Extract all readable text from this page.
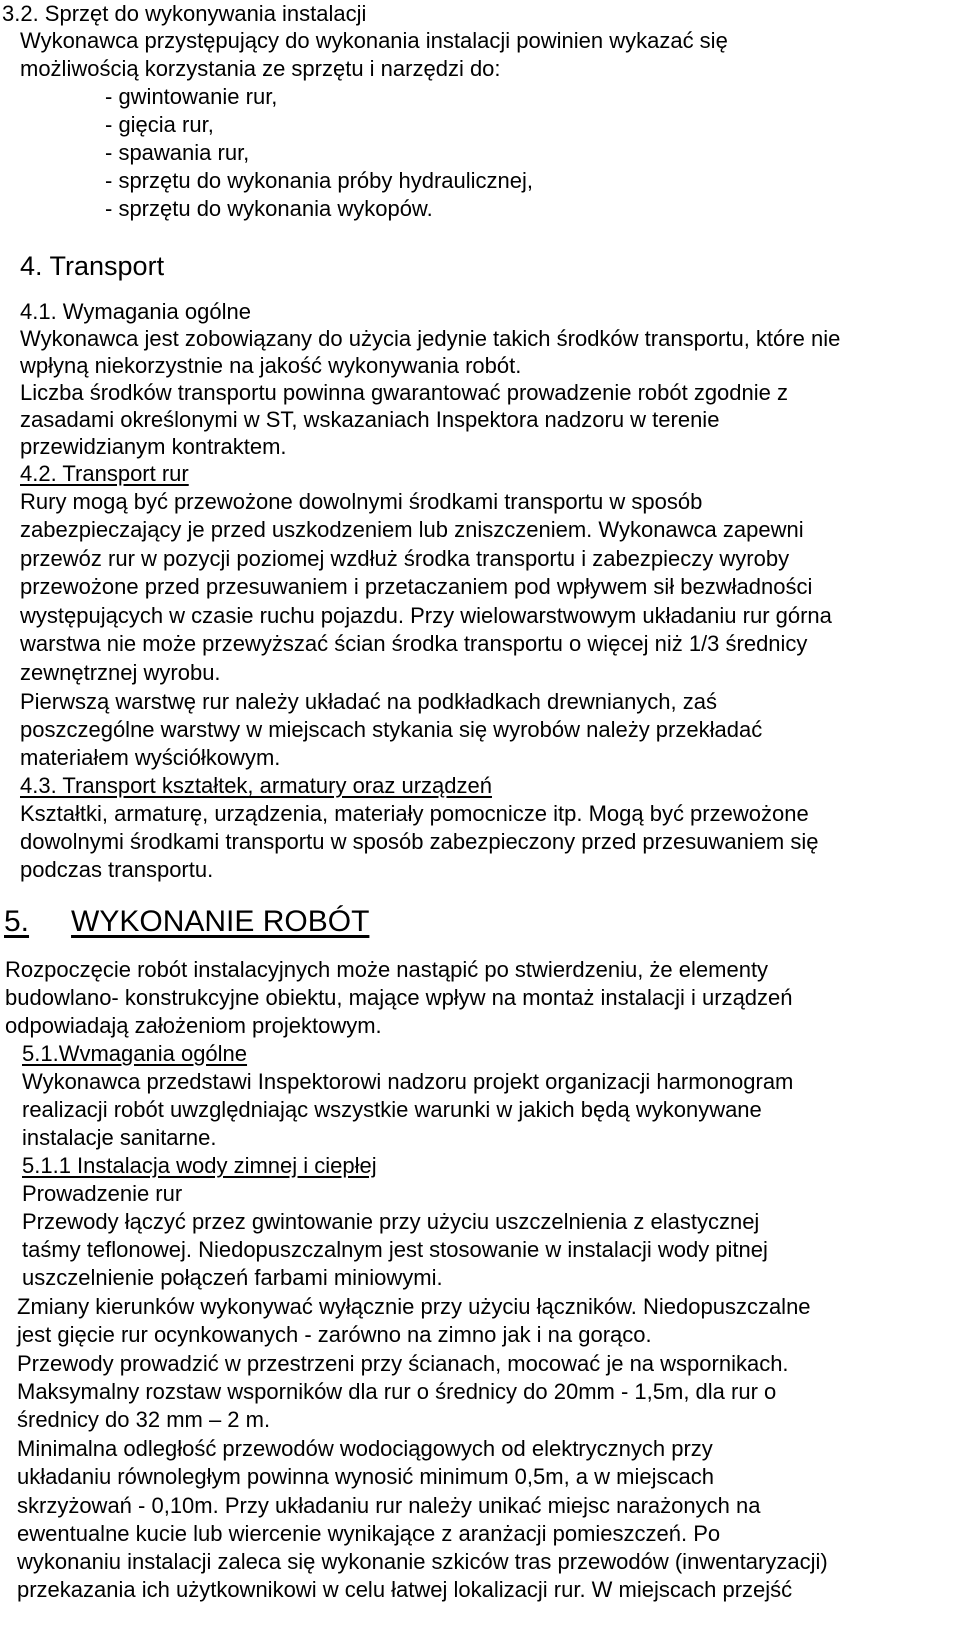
3.2. Sprzęt do wykonywania instalacji
Wykonawca przystępujący do wykonania instalacji powinien wykazać się
możliwością korzystania ze sprzętu i narzędzi do:
- gwintowanie rur,
- gięcia rur,
- spawania rur,
- sprzętu do wykonania próby hydraulicznej,
- sprzętu do wykonania wykopów.
4. Transport
4.1. Wymagania ogólne
Wykonawca jest zobowiązany do użycia jedynie takich środków transportu, które nie
wpłyną niekorzystnie na jakość wykonywania robót.
Liczba środków transportu powinna gwarantować prowadzenie robót zgodnie z
zasadami określonymi w ST, wskazaniach Inspektora nadzoru w terenie
przewidzianym kontraktem.
4.2. Transport rur
Rury mogą być przewożone dowolnymi środkami transportu w sposób
zabezpieczający je przed uszkodzeniem lub zniszczeniem. Wykonawca zapewni
przewóz rur w pozycji poziomej wzdłuż środka transportu i zabezpieczy wyroby
przewożone przed przesuwaniem i przetaczaniem pod wpływem sił bezwładności
występujących w czasie ruchu pojazdu. Przy wielowarstwowym układaniu rur górna
warstwa nie może przewyższać ścian środka transportu o więcej niż 1/3 średnicy
zewnętrznej wyrobu.
Pierwszą warstwę rur należy układać na podkładkach drewnianych, zaś
poszczególne warstwy w miejscach stykania się wyrobów należy przekładać
materiałem wyściółkowym.
4.3. Transport kształtek, armatury oraz urządzeń
Kształtki, armaturę, urządzenia, materiały pomocnicze itp. Mogą być przewożone
dowolnymi środkami transportu w sposób zabezpieczony przed przesuwaniem się
podczas transportu.
5. WYKONANIE ROBÓT
Rozpoczęcie robót instalacyjnych może nastąpić po stwierdzeniu, że elementy
budowlano- konstrukcyjne obiektu, mające wpływ na montaż instalacji i urządzeń
odpowiadają założeniom projektowym.
5.1.Wvmagania ogólne
Wykonawca przedstawi Inspektorowi nadzoru projekt organizacji harmonogram
realizacji robót uwzględniając wszystkie warunki w jakich będą wykonywane
instalacje sanitarne.
5.1.1 Instalacja wody zimnej i ciepłej
Prowadzenie rur
Przewody łączyć przez gwintowanie przy użyciu uszczelnienia z elastycznej
taśmy teflonowej. Niedopuszczalnym jest stosowanie w instalacji wody pitnej
uszczelnienie połączeń farbami miniowymi.
Zmiany kierunków wykonywać wyłącznie przy użyciu łączników. Niedopuszczalne
jest gięcie rur ocynkowanych - zarówno na zimno jak i na gorąco.
Przewody prowadzić w przestrzeni przy ścianach, mocować je na wspornikach.
Maksymalny rozstaw wsporników dla rur o średnicy do 20mm - 1,5m, dla rur o
średnicy do 32 mm – 2 m.
Minimalna odległość przewodów wodociągowych od elektrycznych przy
układaniu równoległym powinna wynosić minimum 0,5m, a w miejscach
skrzyżowań - 0,10m. Przy układaniu rur należy unikać miejsc narażonych na
ewentualne kucie lub wiercenie wynikające z aranżacji pomieszczeń. Po
wykonaniu instalacji zaleca się wykonanie szkiców tras przewodów (inwentaryzacji)
przekazania ich użytkownikowi w celu łatwej lokalizacji rur. W miejscach przejść
